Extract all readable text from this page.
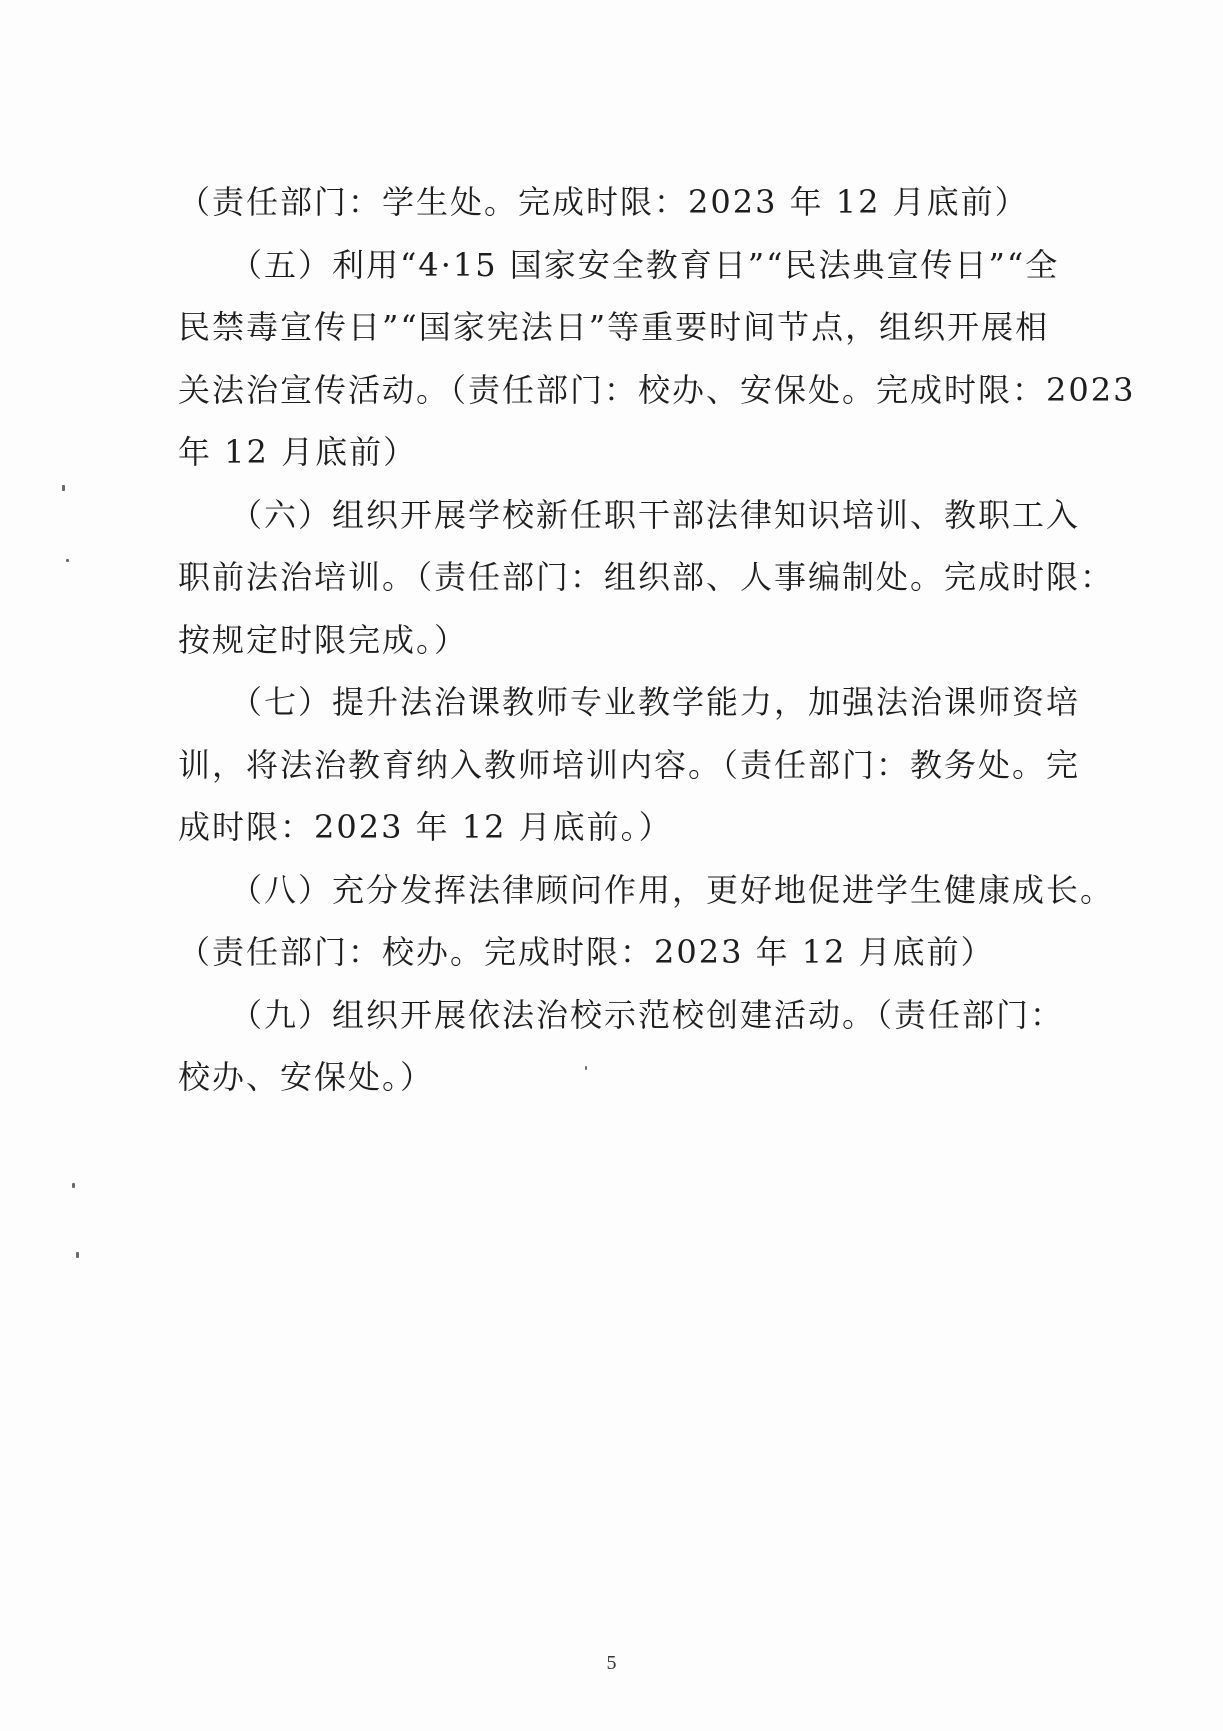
（责任部门：学生处。完成时限：2023 年 12 月底前）
　　（五）利用“4·15 国家安全教育日”“民法典宣传日”“全
民禁毒宣传日”“国家宪法日”等重要时间节点，组织开展相
关法治宣传活动。（责任部门：校办、安保处。完成时限：2023
年 12 月底前）
　　（六）组织开展学校新任职干部法律知识培训、教职工入
职前法治培训。（责任部门：组织部、人事编制处。完成时限：
按规定时限完成。）
　　（七）提升法治课教师专业教学能力，加强法治课师资培
训，将法治教育纳入教师培训内容。（责任部门：教务处。完
成时限：2023 年 12 月底前。）
　　（八）充分发挥法律顾问作用，更好地促进学生健康成长。
（责任部门：校办。完成时限：2023 年 12 月底前）
　　（九）组织开展依法治校示范校创建活动。（责任部门：
校办、安保处。）
5
